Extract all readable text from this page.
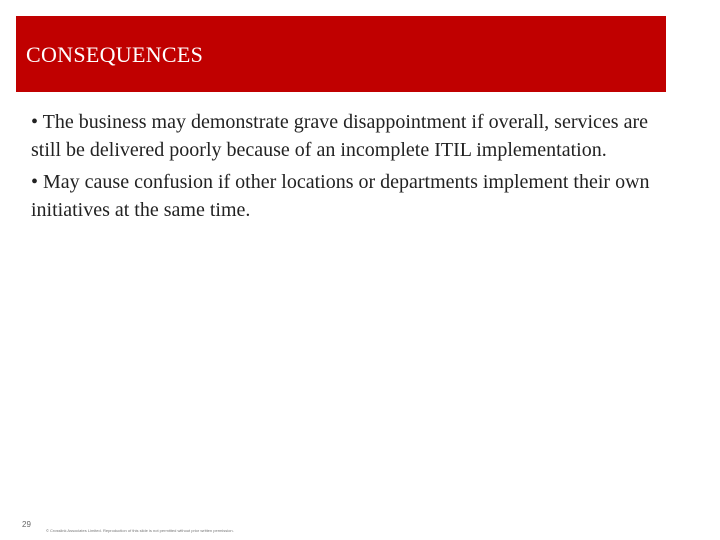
CONSEQUENCES
• The business may demonstrate grave disappointment if overall, services are still be delivered poorly because of an incomplete ITIL implementation.
• May cause confusion if other locations or departments implement their own initiatives at the same time.
29
© Crosslink Associates Limited. Reproduction of this slide is not permitted without prior written permission.
